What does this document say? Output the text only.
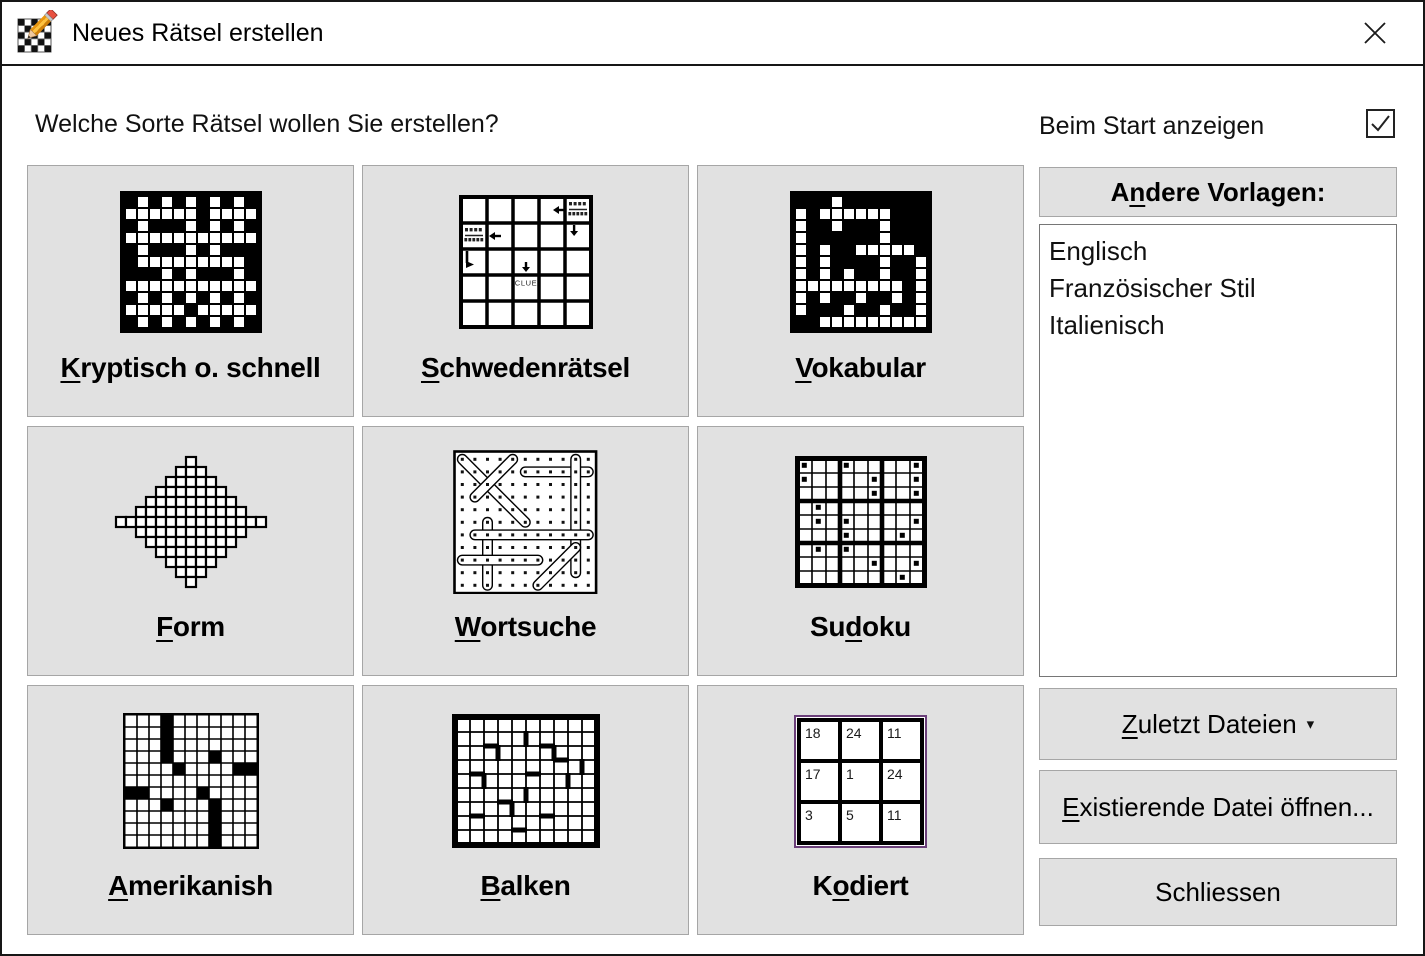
Neues Rätsel erstellen
Welche Sorte Rätsel wollen Sie erstellen?	Beim Start anzeigen
Kryptisch o. schnell
CLUE
Schwedenrätsel	Vokabular
Form	Wortsuche	Sudoku
Amerikanish	Balken
18 24 11
17 1 24
3 5 11
Kodiert
Andere Vorlagen:
Englisch
Französischer Stil
Italienisch
Zuletzt Dateien ▾
Existierende Datei öffnen...
Schliessen
